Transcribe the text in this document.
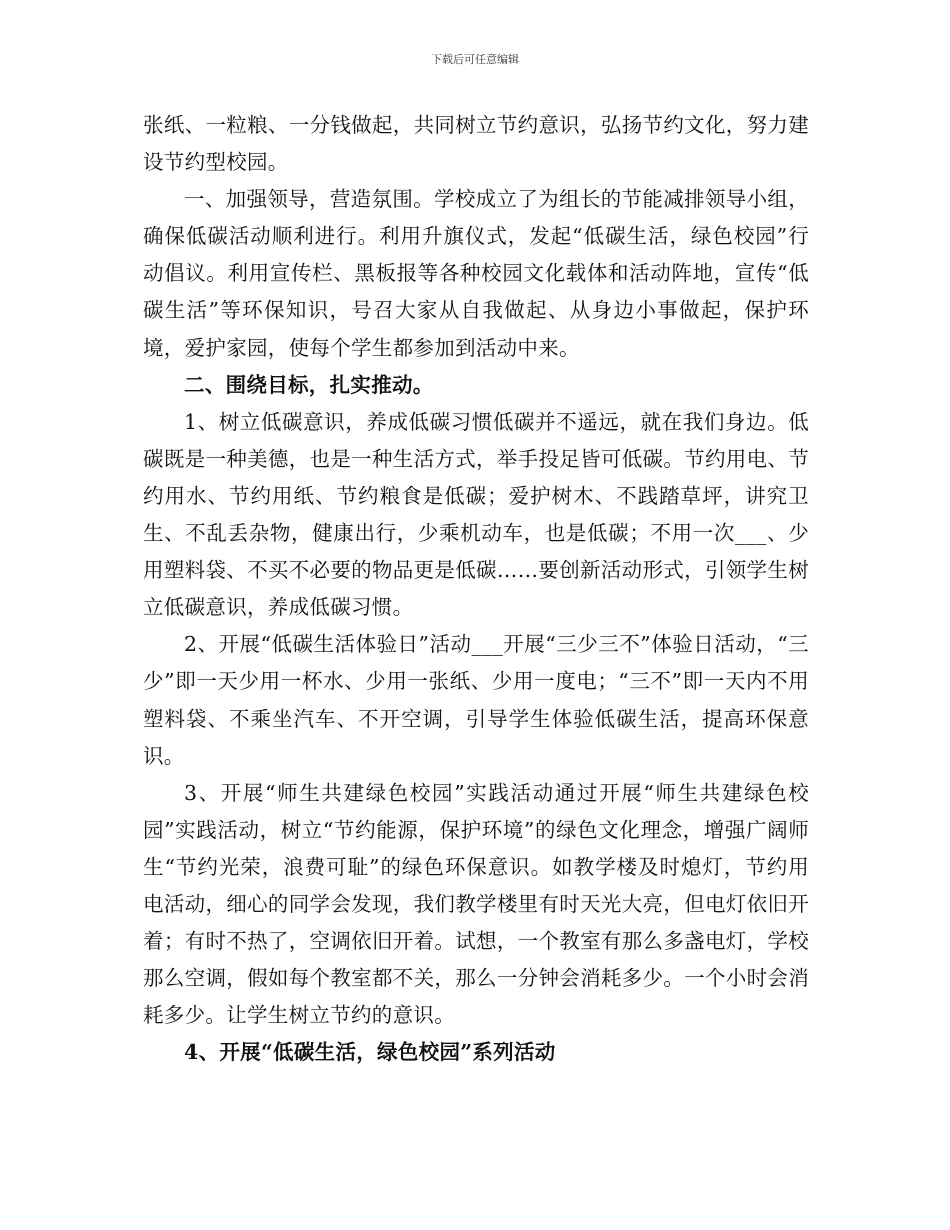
下载后可任意编辑

张纸、一粒粮、一分钱做起，共同树立节约意识，弘扬节约文化，努力建设节约型校园。

一、加强领导，营造氛围。学校成立了为组长的节能减排领导小组，确保低碳活动顺利进行。利用升旗仪式，发起“低碳生活，绿色校园”行动倡议。利用宣传栏、黑板报等各种校园文化载体和活动阵地，宣传“低碳生活”等环保知识，号召大家从自我做起、从身边小事做起，保护环境，爱护家园，使每个学生都参加到活动中来。

二、围绕目标，扎实推动。

1、树立低碳意识，养成低碳习惯低碳并不遥远，就在我们身边。低碳既是一种美德，也是一种生活方式，举手投足皆可低碳。节约用电、节约用水、节约用纸、节约粮食是低碳；爱护树木、不践踏草坪，讲究卫生、不乱丢杂物，健康出行，少乘机动车，也是低碳；不用一次___、少用塑料袋、不买不必要的物品更是低碳……要创新活动形式，引领学生树立低碳意识，养成低碳习惯。

2、开展“低碳生活体验日”活动___开展“三少三不”体验日活动，“三少”即一天少用一杯水、少用一张纸、少用一度电；“三不”即一天内不用塑料袋、不乘坐汽车、不开空调，引导学生体验低碳生活，提高环保意识。

3、开展“师生共建绿色校园”实践活动通过开展“师生共建绿色校园”实践活动，树立“节约能源，保护环境”的绿色文化理念，增强广阔师生“节约光荣，浪费可耻”的绿色环保意识。如教学楼及时熄灯，节约用电活动，细心的同学会发现，我们教学楼里有时天光大亮，但电灯依旧开着；有时不热了，空调依旧开着。试想，一个教室有那么多盏电灯，学校那么空调，假如每个教室都不关，那么一分钟会消耗多少。一个小时会消耗多少。让学生树立节约的意识。

4、开展“低碳生活，绿色校园”系列活动
